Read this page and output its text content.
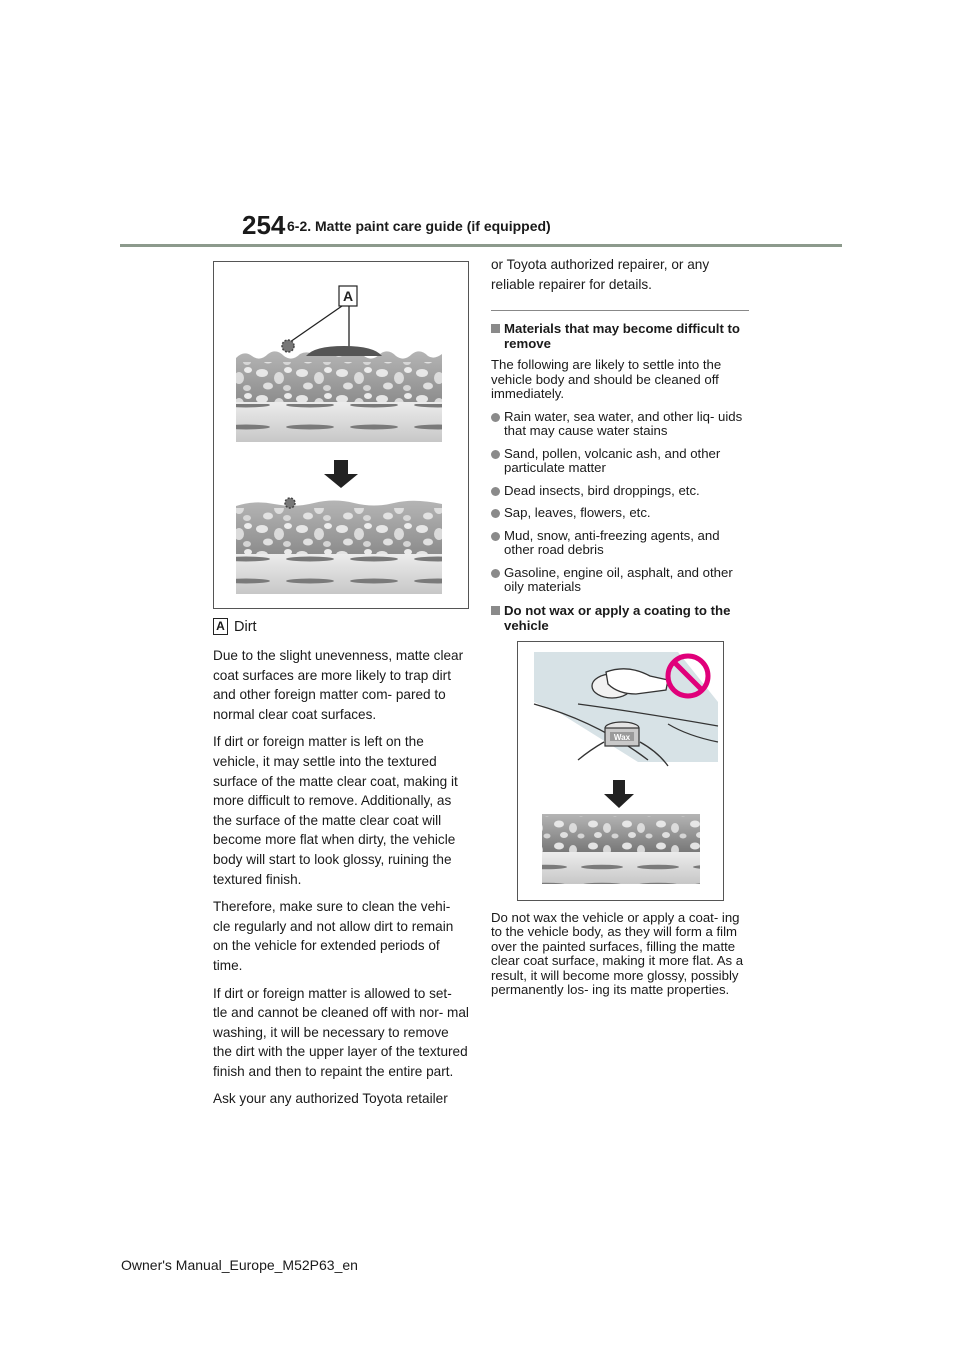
254 6-2. Matte paint care guide (if equipped)
A
A Dirt

Due to the slight unevenness, matte clear coat surfaces are more likely to trap dirt and other foreign matter com- pared to normal clear coat surfaces.

If dirt or foreign matter is left on the vehicle, it may settle into the textured surface of the matte clear coat, making it more difficult to remove. Additionally, as the surface of the matte clear coat will become more flat when dirty, the vehicle body will start to look glossy, ruining the textured finish.

Therefore, make sure to clean the vehi- cle regularly and not allow dirt to remain on the vehicle for extended periods of time.

If dirt or foreign matter is allowed to set- tle and cannot be cleaned off with nor- mal washing, it will be necessary to remove the dirt with the upper layer of the textured finish and then to repaint the entire part.

Ask your any authorized Toyota retailer

or Toyota authorized repairer, or any reliable repairer for details.

Materials that may become difficult to remove

The following are likely to settle into the vehicle body and should be cleaned off immediately.

Rain water, sea water, and other liq- uids that may cause water stains
Sand, pollen, volcanic ash, and other particulate matter
Dead insects, bird droppings, etc.
Sap, leaves, flowers, etc.
Mud, snow, anti-freezing agents, and other road debris
Gasoline, engine oil, asphalt, and other oily materials
Do not wax or apply a coating to the vehicle
Wax

Do not wax the vehicle or apply a coat- ing to the vehicle body, as they will form a film over the painted surfaces, filling the matte clear coat surface, making it more flat. As a result, it will become more glossy, possibly permanently los- ing its matte properties.

Owner's Manual_Europe_M52P63_en
